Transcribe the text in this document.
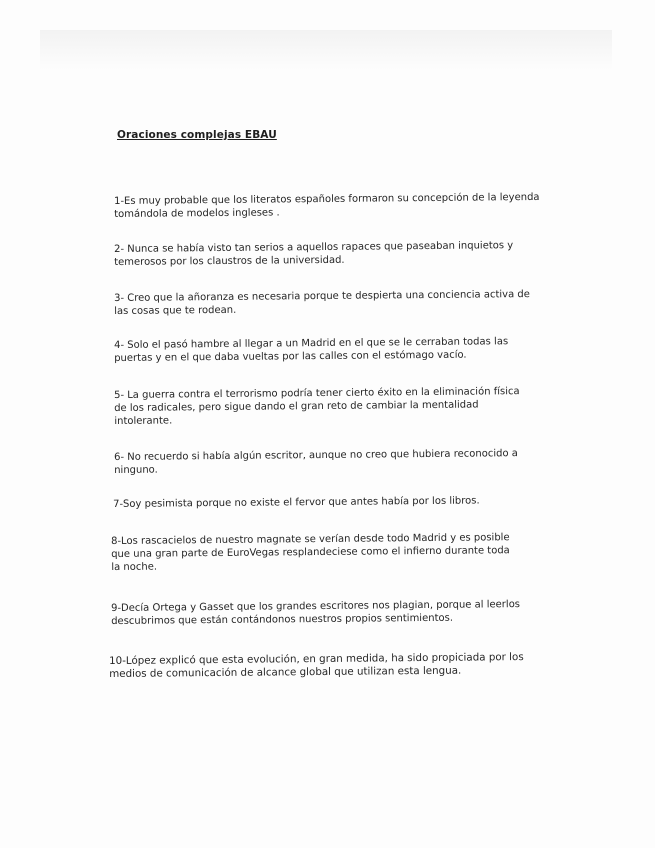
Oraciones complejas EBAU

1-Es muy probable que los literatos españoles formaron su concepción de la leyenda tomándola de modelos ingleses .

2- Nunca se había visto tan serios a aquellos rapaces que paseaban inquietos y temerosos por los claustros de la universidad.

3- Creo que la añoranza es necesaria porque te despierta una conciencia activa de las cosas que te rodean.

4- Solo el pasó hambre al llegar a un Madrid en el que se le cerraban todas las puertas y en el que daba vueltas por las calles con el estómago vacío.

5- La guerra contra el terrorismo podría tener cierto éxito en la eliminación física de los radicales, pero sigue dando el gran reto de cambiar la mentalidad intolerante.

6- No recuerdo si había algún escritor, aunque no creo que hubiera reconocido a ninguno.

7-Soy pesimista porque no existe el fervor que antes había por los libros.

8-Los rascacielos de nuestro magnate se verían desde todo Madrid y es posible que una gran parte de EuroVegas resplandeciese como el infierno durante toda la noche.

9-Decía Ortega y Gasset que los grandes escritores nos plagian, porque al leerlos descubrimos que están contándonos nuestros propios sentimientos.

10-López explicó que esta evolución, en gran medida, ha sido propiciada por los medios de comunicación de alcance global que utilizan esta lengua.
